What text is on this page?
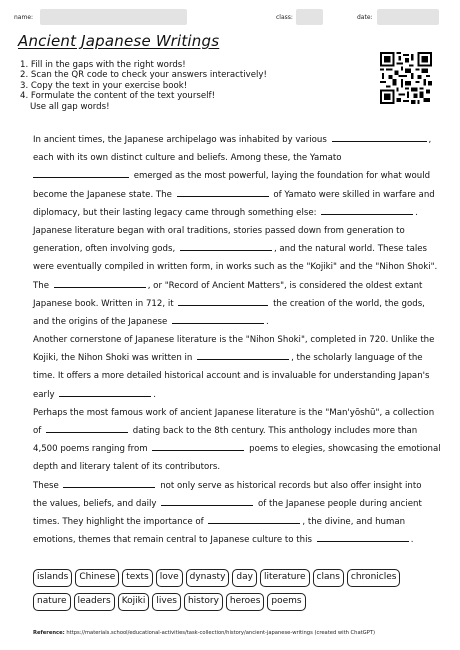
name:	class:	date:
Ancient Japanese Writings
1. Fill in the gaps with the right words!
2. Scan the QR code to check your answers interactively!
3. Copy the text in your exercise book!
4. Formulate the content of the text yourself!
Use all gap words!
In ancient times, the Japanese archipelago was inhabited by various	,
each with its own distinct culture and beliefs. Among these, the Yamato
emerged as the most powerful, laying the foundation for what would
become the Japanese state. The	of Yamato were skilled in warfare and
diplomacy, but their lasting legacy came through something else:	.
Japanese literature began with oral traditions, stories passed down from generation to
generation, often involving gods,	, and the natural world. These tales
were eventually compiled in written form, in works such as the "Kojiki" and the "Nihon Shoki".
The	, or "Record of Ancient Matters", is considered the oldest extant
Japanese book. Written in 712, it	the creation of the world, the gods,
and the origins of the Japanese	.
Another cornerstone of Japanese literature is the "Nihon Shoki", completed in 720. Unlike the
Kojiki, the Nihon Shoki was written in	, the scholarly language of the
time. It offers a more detailed historical account and is invaluable for understanding Japan's
early	.
Perhaps the most famous work of ancient Japanese literature is the "Man'yōshū", a collection
of	dating back to the 8th century. This anthology includes more than
4,500 poems ranging from	poems to elegies, showcasing the emotional
depth and literary talent of its contributors.
These	not only serve as historical records but also offer insight into
the values, beliefs, and daily	of the Japanese people during ancient
times. They highlight the importance of	, the divine, and human
emotions, themes that remain central to Japanese culture to this	.
islands	Chinese	texts	love	dynasty	day	literature	clans	chronicles
nature	leaders	Kojiki	lives	history	heroes	poems
Reference: https://materials.school/educational-activities/task-collection/history/ancient-japanese-writings (created with ChatGPT)
